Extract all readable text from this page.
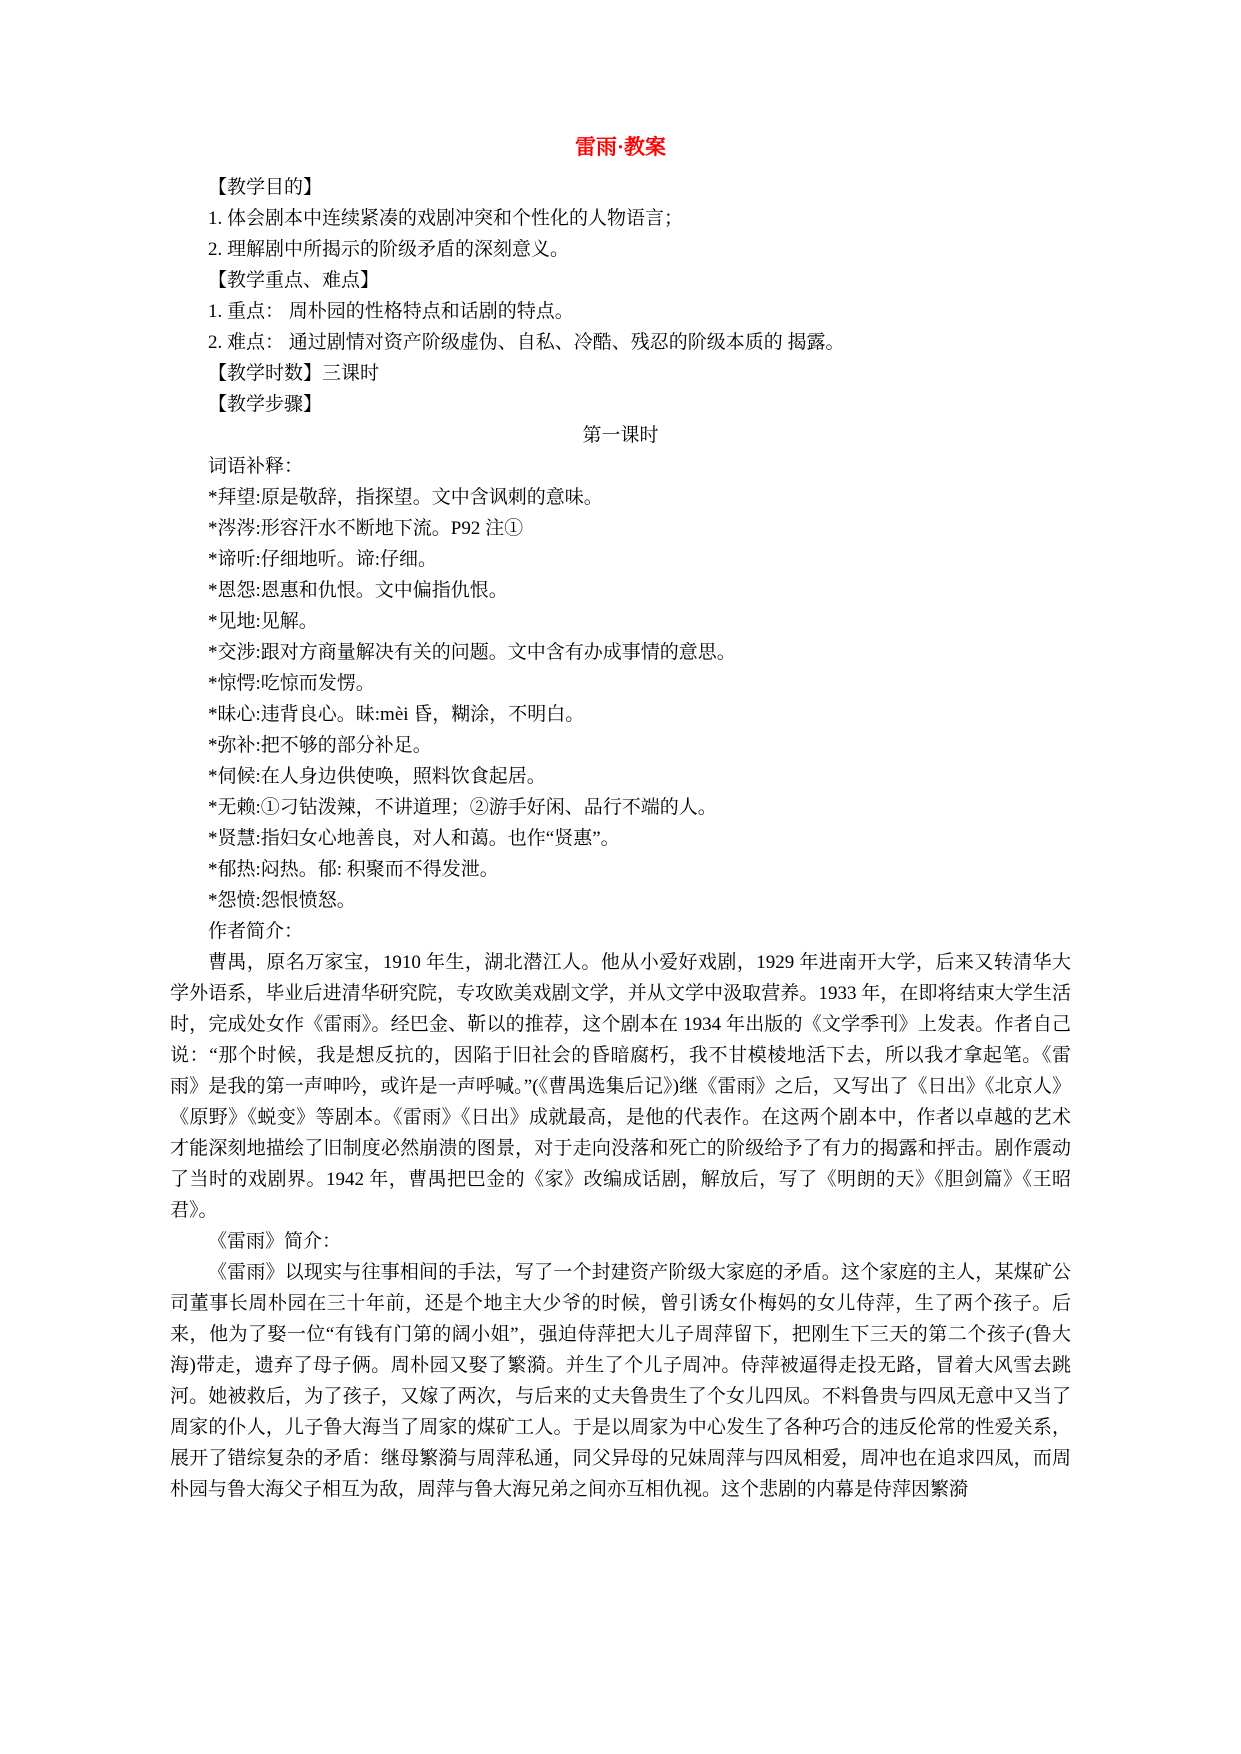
雷雨·教案
【教学目的】
1. 体会剧本中连续紧凑的戏剧冲突和个性化的人物语言；
2. 理解剧中所揭示的阶级矛盾的深刻意义。
【教学重点、难点】
1. 重点： 周朴园的性格特点和话剧的特点。
2. 难点： 通过剧情对资产阶级虚伪、自私、冷酷、残忍的阶级本质的 揭露。
【教学时数】三课时
【教学步骤】
第一课时
词语补释：
*拜望:原是敬辞，指探望。文中含讽刺的意味。
*涔涔:形容汗水不断地下流。P92 注①
*谛听:仔细地听。谛:仔细。
*恩怨:恩惠和仇恨。文中偏指仇恨。
*见地:见解。
*交涉:跟对方商量解决有关的问题。文中含有办成事情的意思。
*惊愕:吃惊而发愣。
*昧心:违背良心。昧:mèi 昏，糊涂，不明白。
*弥补:把不够的部分补足。
*伺候:在人身边供使唤，照料饮食起居。
*无赖:①刁钻泼辣，不讲道理；②游手好闲、品行不端的人。
*贤慧:指妇女心地善良，对人和蔼。也作“贤惠”。
*郁热:闷热。郁: 积聚而不得发泄。
*怨愤:怨恨愤怒。
作者简介：

曹禺，原名万家宝，1910 年生，湖北潜江人。他从小爱好戏剧，1929 年进南开大学，后来又转清华大学外语系，毕业后进清华研究院，专攻欧美戏剧文学，并从文学中汲取营养。1933 年，在即将结束大学生活时，完成处女作《雷雨》。经巴金、靳以的推荐，这个剧本在 1934 年出版的《文学季刊》上发表。作者自己说：“那个时候，我是想反抗的，因陷于旧社会的昏暗腐朽，我不甘模棱地活下去，所以我才拿起笔。《雷雨》是我的第一声呻吟，或许是一声呼喊。”(《曹禺选集后记》)继《雷雨》之后，又写出了《日出》《北京人》《原野》《蜕变》等剧本。《雷雨》《日出》成就最高，是他的代表作。在这两个剧本中，作者以卓越的艺术才能深刻地描绘了旧制度必然崩溃的图景，对于走向没落和死亡的阶级给予了有力的揭露和抨击。剧作震动了当时的戏剧界。1942 年，曹禺把巴金的《家》改编成话剧，解放后，写了《明朗的天》《胆剑篇》《王昭君》。

《雷雨》简介：

《雷雨》以现实与往事相间的手法，写了一个封建资产阶级大家庭的矛盾。这个家庭的主人，某煤矿公司董事长周朴园在三十年前，还是个地主大少爷的时候，曾引诱女仆梅妈的女儿侍萍，生了两个孩子。后来，他为了娶一位“有钱有门第的阔小姐”，强迫侍萍把大儿子周萍留下，把刚生下三天的第二个孩子(鲁大海)带走，遗弃了母子俩。周朴园又娶了繁漪。并生了个儿子周冲。侍萍被逼得走投无路，冒着大风雪去跳河。她被救后，为了孩子，又嫁了两次，与后来的丈夫鲁贵生了个女儿四凤。不料鲁贵与四凤无意中又当了周家的仆人，儿子鲁大海当了周家的煤矿工人。于是以周家为中心发生了各种巧合的违反伦常的性爱关系，展开了错综复杂的矛盾：继母繁漪与周萍私通，同父异母的兄妹周萍与四凤相爱，周冲也在追求四凤，而周朴园与鲁大海父子相互为敌，周萍与鲁大海兄弟之间亦互相仇视。这个悲剧的内幕是侍萍因繁漪
